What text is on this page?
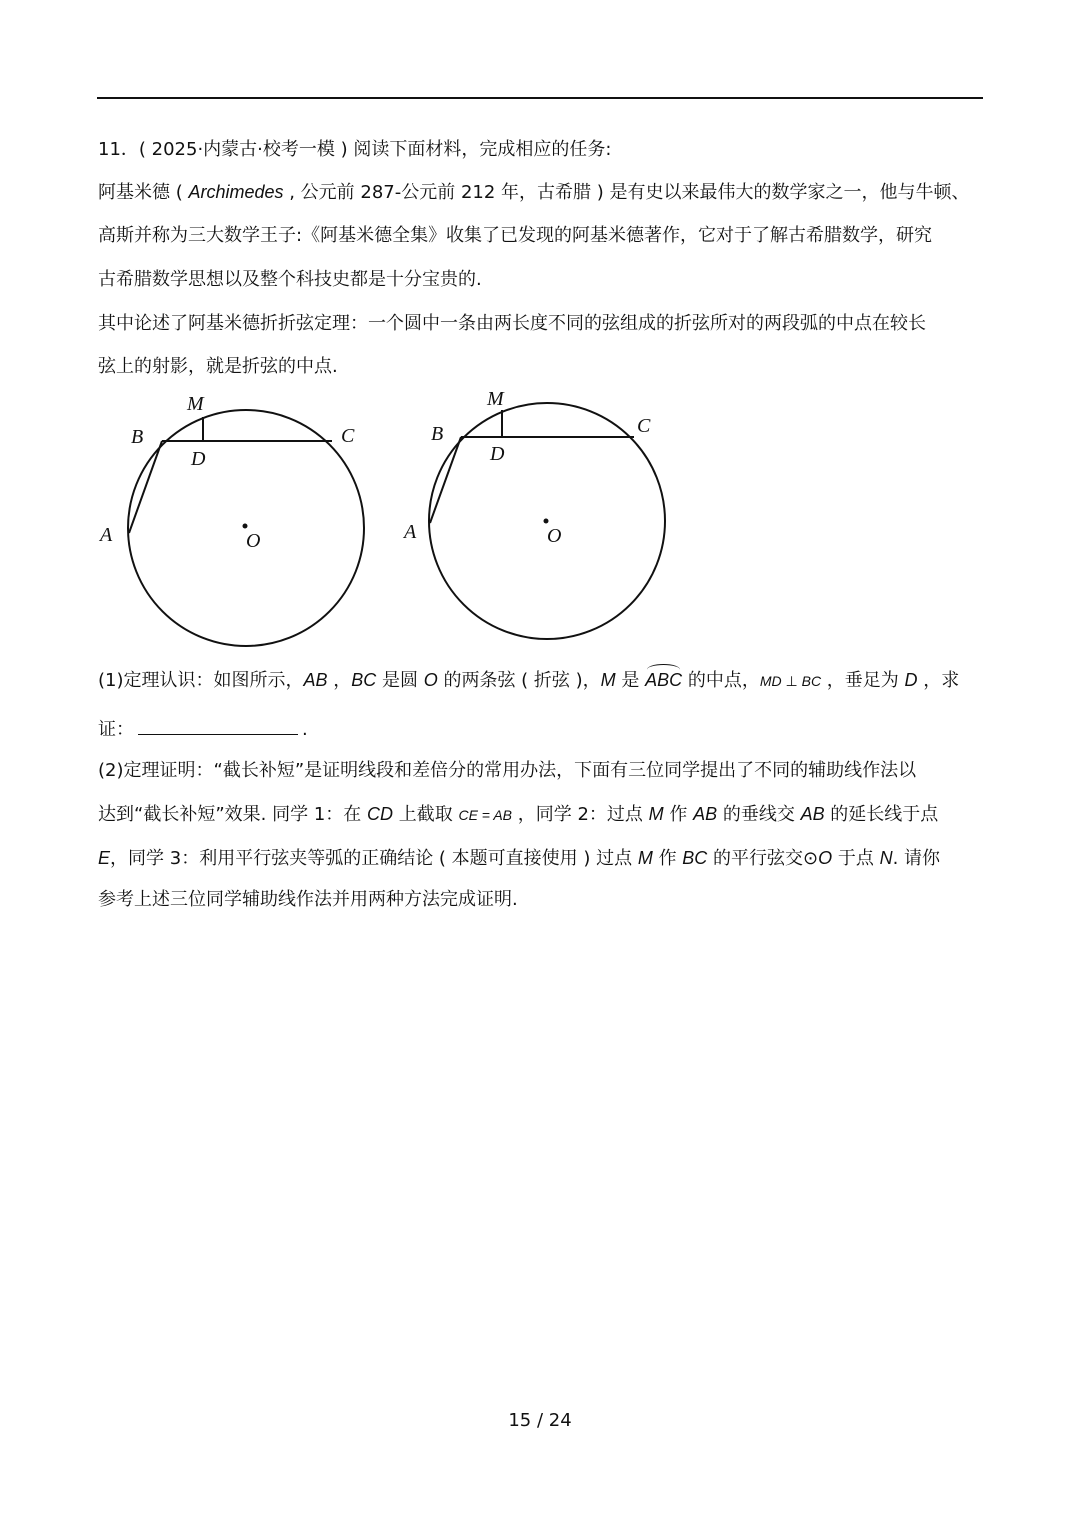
11．( 2025·内蒙古·校考一模 ) 阅读下面材料，完成相应的任务:
阿基米德 ( Archimedes , 公元前 287-公元前 212 年，古希腊 ) 是有史以来最伟大的数学家之一，他与牛顿、
高斯并称为三大数学王子:《阿基米德全集》收集了已发现的阿基米德著作，它对于了解古希腊数学，研究
古希腊数学思想以及整个科技史都是十分宝贵的.
其中论述了阿基米德折折弦定理：一个圆中一条由两长度不同的弦组成的折弦所对的两段弧的中点在较长
弦上的射影，就是折弦的中点.
M
B	C
D
A	O
M
B	C
D
A	O
(1)定理认识：如图所示，AB ，BC 是圆 O 的两条弦 ( 折弦 )，M 是 ABC 的中点，MD ⊥ BC ，垂足为 D ，求
证：	.
(2)定理证明：“截长补短”是证明线段和差倍分的常用办法，下面有三位同学提出了不同的辅助线作法以
达到“截长补短”效果. 同学 1：在 CD 上截取 CE = AB ，同学 2：过点 M 作 AB 的垂线交 AB 的延长线于点
E，同学 3：利用平行弦夹等弧的正确结论 ( 本题可直接使用 ) 过点 M 作 BC 的平行弦交⊙O 于点 N. 请你
参考上述三位同学辅助线作法并用两种方法完成证明.
15 / 24
